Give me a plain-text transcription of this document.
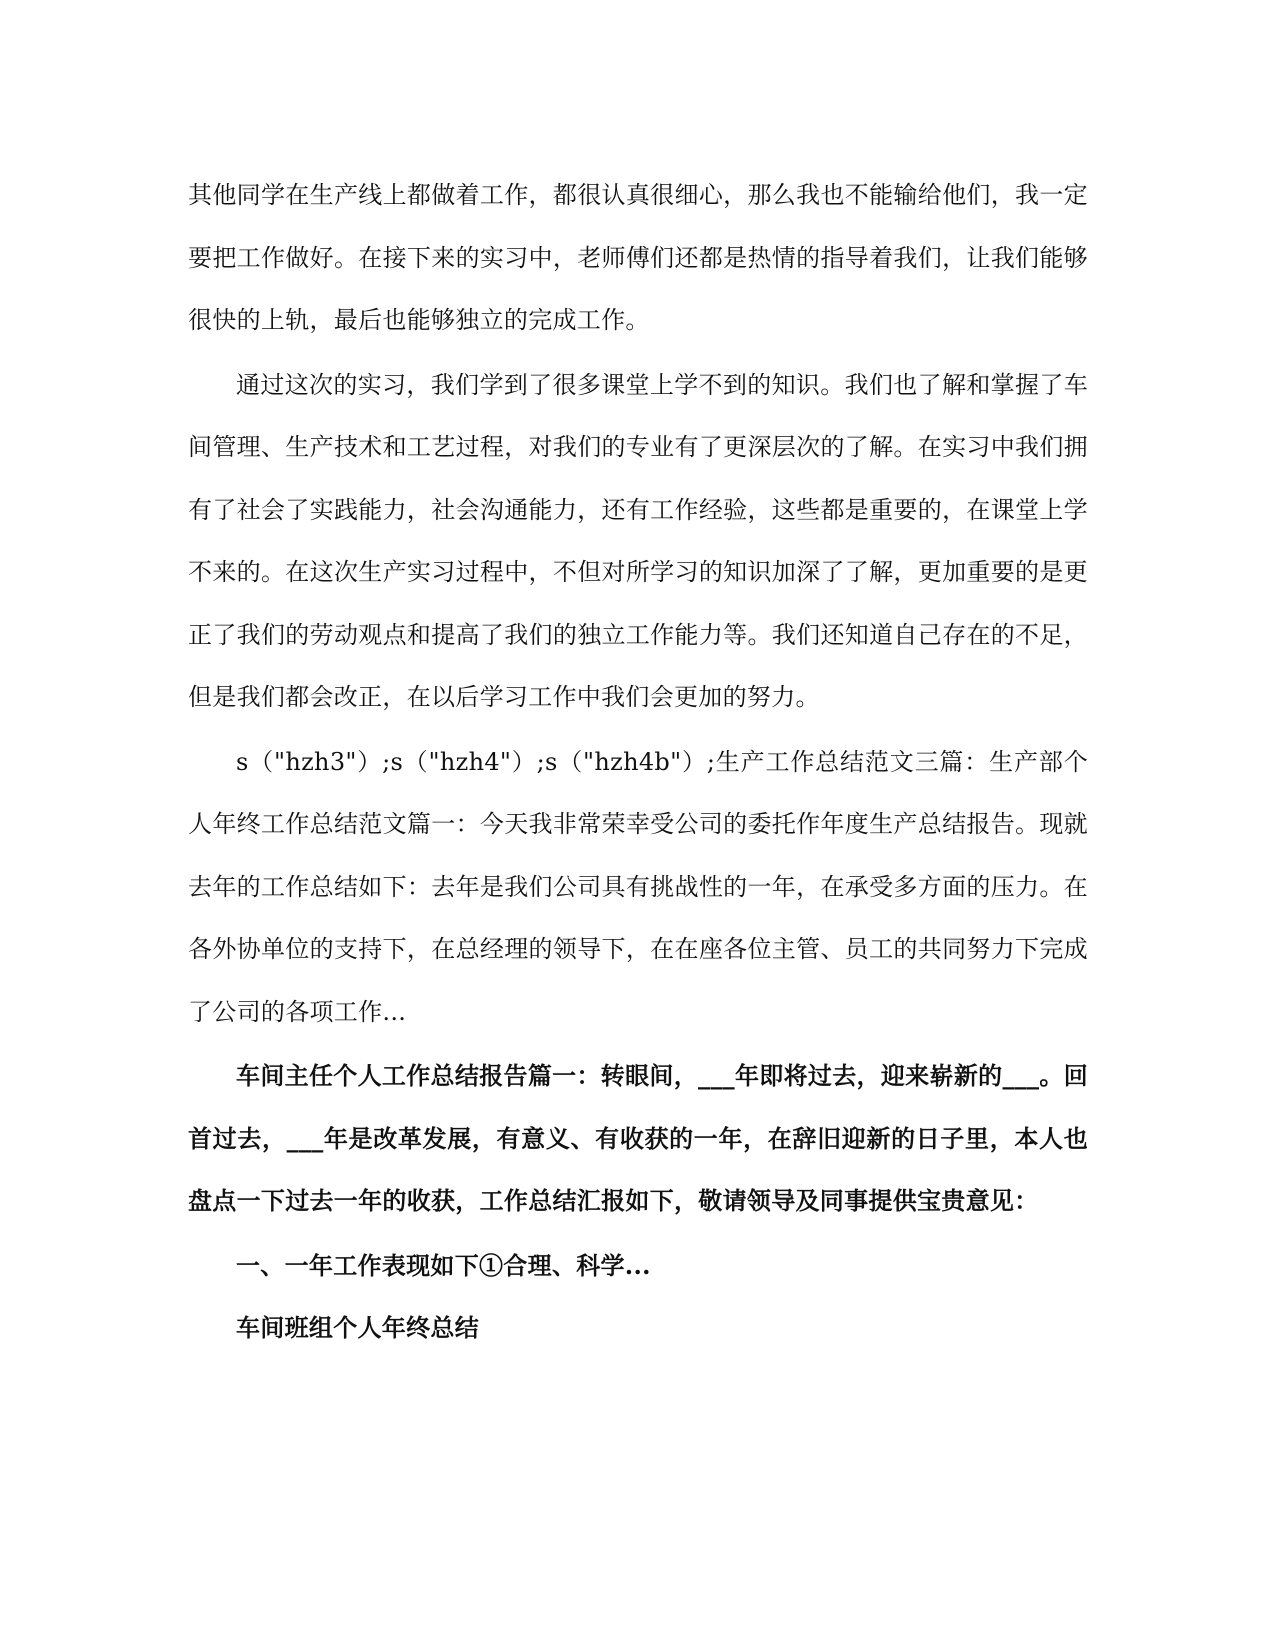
其他同学在生产线上都做着工作，都很认真很细心，那么我也不能输给他们，我一定要把工作做好。在接下来的实习中，老师傅们还都是热情的指导着我们，让我们能够很快的上轨，最后也能够独立的完成工作。

通过这次的实习，我们学到了很多课堂上学不到的知识。我们也了解和掌握了车间管理、生产技术和工艺过程，对我们的专业有了更深层次的了解。在实习中我们拥有了社会了实践能力，社会沟通能力，还有工作经验，这些都是重要的，在课堂上学不来的。在这次生产实习过程中，不但对所学习的知识加深了了解，更加重要的是更正了我们的劳动观点和提高了我们的独立工作能力等。我们还知道自己存在的不足，但是我们都会改正，在以后学习工作中我们会更加的努力。

s（"hzh3"）;s（"hzh4"）;s（"hzh4b"）;生产工作总结范文三篇：生产部个人年终工作总结范文篇一：今天我非常荣幸受公司的委托作年度生产总结报告。现就去年的工作总结如下：去年是我们公司具有挑战性的一年，在承受多方面的压力。在各外协单位的支持下，在总经理的领导下，在在座各位主管、员工的共同努力下完成了公司的各项工作...

车间主任个人工作总结报告篇一：转眼间，___年即将过去，迎来崭新的___。回首过去，___年是改革发展，有意义、有收获的一年，在辞旧迎新的日子里，本人也盘点一下过去一年的收获，工作总结汇报如下，敬请领导及同事提供宝贵意见：

一、一年工作表现如下①合理、科学...

车间班组个人年终总结
